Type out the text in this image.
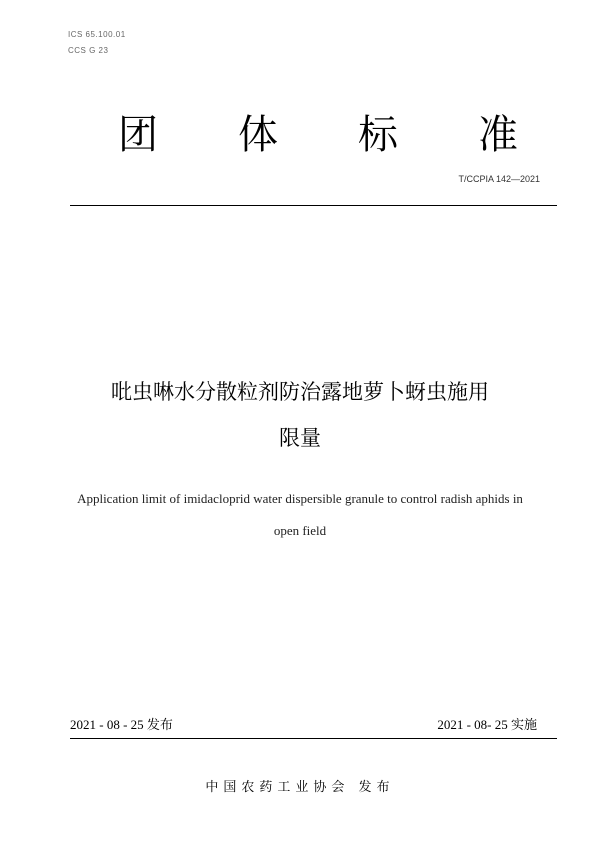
ICS 65.100.01
CCS G 23
团 体 标 准
T/CCPIA 142—2021
吡虫啉水分散粒剂防治露地萝卜蚜虫施用
限量
Application limit of imidacloprid water dispersible granule to control radish aphids in
open field
2021 - 08 - 25 发布	2021 - 08- 25 实施
中国农药工业协会 发布
